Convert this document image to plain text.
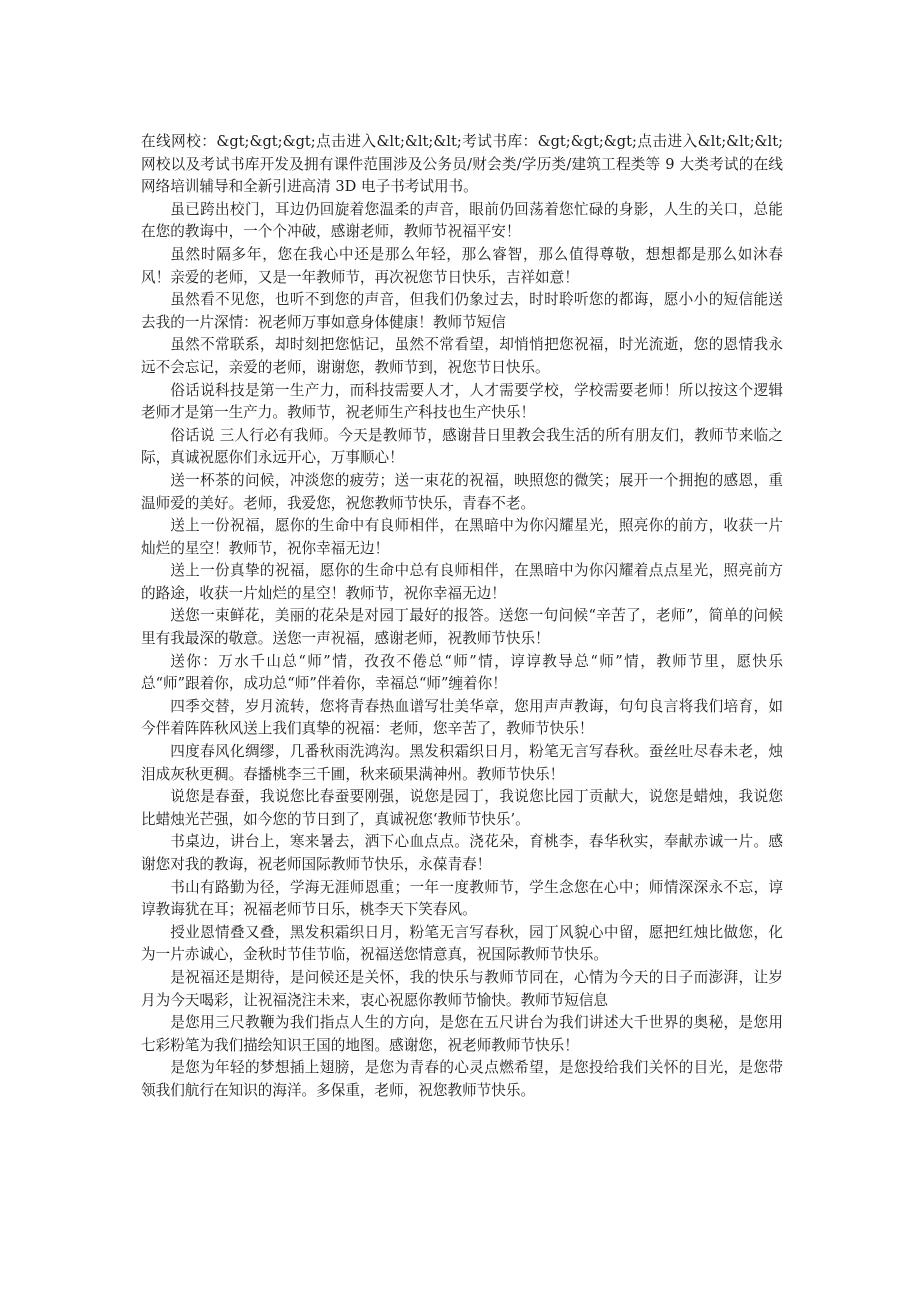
在线网校：&gt;&gt;&gt;点击进入&lt;&lt;&lt;考试书库：&gt;&gt;&gt;点击进入&lt;&lt;&lt;网校以及考试书库开发及拥有课件范围涉及公务员/财会类/学历类/建筑工程类等 9 大类考试的在线网络培训辅导和全新引进高清 3D 电子书考试用书。

虽已跨出校门，耳边仍回旋着您温柔的声音，眼前仍回荡着您忙碌的身影，人生的关口，总能在您的教诲中，一个个冲破，感谢老师，教师节祝福平安！

虽然时隔多年，您在我心中还是那么年轻，那么睿智，那么值得尊敬，想想都是那么如沐春风！亲爱的老师，又是一年教师节，再次祝您节日快乐，吉祥如意！

虽然看不见您，也听不到您的声音，但我们仍象过去，时时聆听您的都诲，愿小小的短信能送去我的一片深情：祝老师万事如意身体健康！教师节短信

虽然不常联系，却时刻把您惦记，虽然不常看望，却悄悄把您祝福，时光流逝，您的恩情我永远不会忘记，亲爱的老师，谢谢您，教师节到，祝您节日快乐。

俗话说科技是第一生产力，而科技需要人才，人才需要学校，学校需要老师！所以按这个逻辑老师才是第一生产力。教师节，祝老师生产科技也生产快乐！

俗话说 三人行必有我师。今天是教师节，感谢昔日里教会我生活的所有朋友们，教师节来临之际，真诚祝愿你们永远开心，万事顺心！

送一杯茶的问候，冲淡您的疲劳；送一束花的祝福，映照您的微笑；展开一个拥抱的感恩，重温师爱的美好。老师，我爱您，祝您教师节快乐，青春不老。

送上一份祝福，愿你的生命中有良师相伴，在黑暗中为你闪耀星光，照亮你的前方，收获一片灿烂的星空！教师节，祝你幸福无边！

送上一份真挚的祝福，愿你的生命中总有良师相伴，在黑暗中为你闪耀着点点星光，照亮前方的路途，收获一片灿烂的星空！教师节，祝你幸福无边！

送您一束鲜花，美丽的花朵是对园丁最好的报答。送您一句问候“辛苦了，老师”，简单的问候里有我最深的敬意。送您一声祝福，感谢老师，祝教师节快乐！

送你：万水千山总“师”情，孜孜不倦总“师”情，谆谆教导总“师”情，教师节里，愿快乐总“师”跟着你，成功总“师”伴着你，幸福总“师”缠着你！

四季交替，岁月流转，您将青春热血谱写壮美华章，您用声声教诲，句句良言将我们培育，如今伴着阵阵秋风送上我们真挚的祝福：老师，您辛苦了，教师节快乐！

四度春风化绸缪，几番秋雨洗鸿沟。黑发积霜织日月，粉笔无言写春秋。蚕丝吐尽春未老，烛泪成灰秋更稠。春播桃李三千圃，秋来硕果满神州。教师节快乐！

说您是春蚕，我说您比春蚕要刚强，说您是园丁，我说您比园丁贡献大，说您是蜡烛，我说您比蜡烛光芒强，如今您的节日到了，真诚祝您‘教师节快乐’。

书桌边，讲台上，寒来暑去，洒下心血点点。浇花朵，育桃李，春华秋实，奉献赤诚一片。感谢您对我的教诲，祝老师国际教师节快乐，永葆青春！

书山有路勤为径，学海无涯师恩重；一年一度教师节，学生念您在心中；师情深深永不忘，谆谆教诲犹在耳；祝福老师节日乐，桃李天下笑春风。

授业恩情叠又叠，黑发积霜织日月，粉笔无言写春秋，园丁风貌心中留，愿把红烛比做您，化为一片赤诚心，金秋时节佳节临，祝福送您情意真，祝国际教师节快乐。

是祝福还是期待，是问候还是关怀，我的快乐与教师节同在，心情为今天的日子而澎湃，让岁月为今天喝彩，让祝福浇注未来，衷心祝愿你教师节愉快。教师节短信息

是您用三尺教鞭为我们指点人生的方向，是您在五尺讲台为我们讲述大千世界的奥秘，是您用七彩粉笔为我们描绘知识王国的地图。感谢您，祝老师教师节快乐！

是您为年轻的梦想插上翅膀，是您为青春的心灵点燃希望，是您投给我们关怀的目光，是您带领我们航行在知识的海洋。多保重，老师，祝您教师节快乐。
